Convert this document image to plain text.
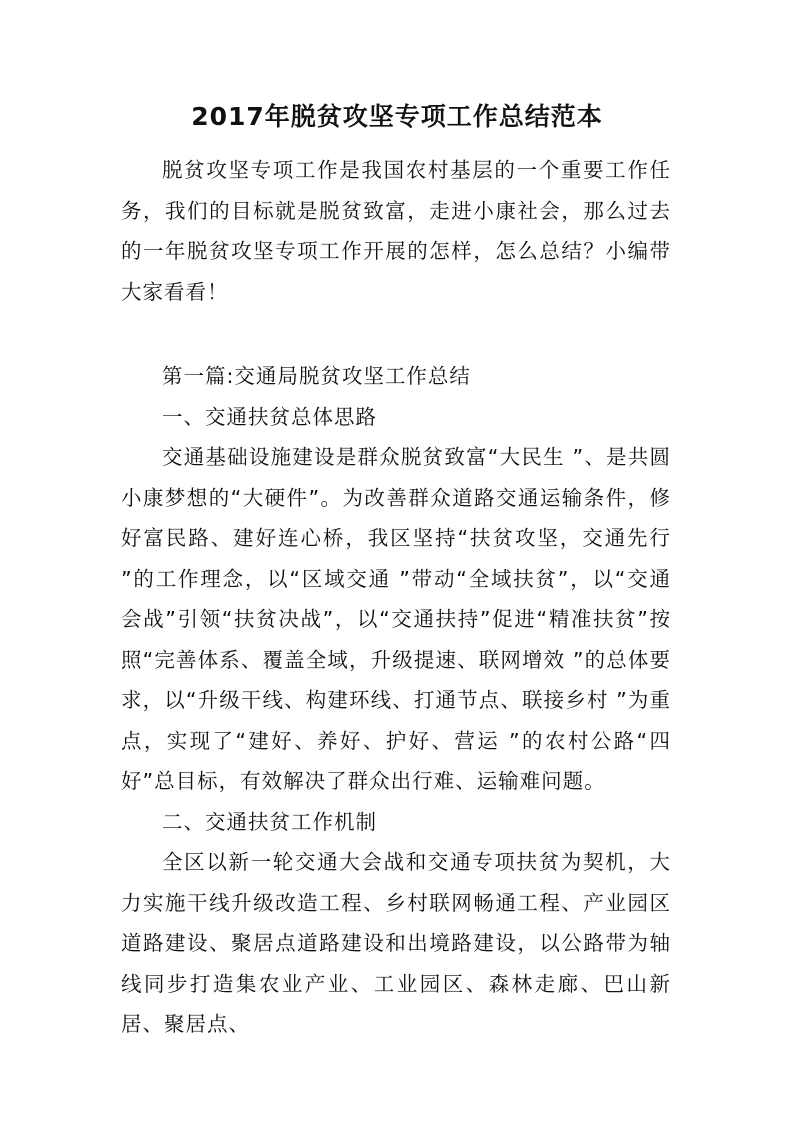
2017年脱贫攻坚专项工作总结范本

脱贫攻坚专项工作是我国农村基层的一个重要工作任务，我们的目标就是脱贫致富，走进小康社会，那么过去的一年脱贫攻坚专项工作开展的怎样，怎么总结？小编带大家看看！

第一篇:交通局脱贫攻坚工作总结

一、交通扶贫总体思路

交通基础设施建设是群众脱贫致富“大民生 ”、是共圆小康梦想的“大硬件”。为改善群众道路交通运输条件，修好富民路、建好连心桥，我区坚持“扶贫攻坚，交通先行 ”的工作理念，以“区域交通 ”带动“全域扶贫”，以“交通会战”引领“扶贫决战”，以“交通扶持”促进“精准扶贫”按照“完善体系、覆盖全域，升级提速、联网增效 ”的总体要求，以“升级干线、构建环线、打通节点、联接乡村 ”为重点，实现了“建好、养好、护好、营运 ”的农村公路“四好”总目标，有效解决了群众出行难、运输难问题。

二、交通扶贫工作机制

全区以新一轮交通大会战和交通专项扶贫为契机，大力实施干线升级改造工程、乡村联网畅通工程、产业园区道路建设、聚居点道路建设和出境路建设，以公路带为轴线同步打造集农业产业、工业园区、森林走廊、巴山新居、聚居点、
